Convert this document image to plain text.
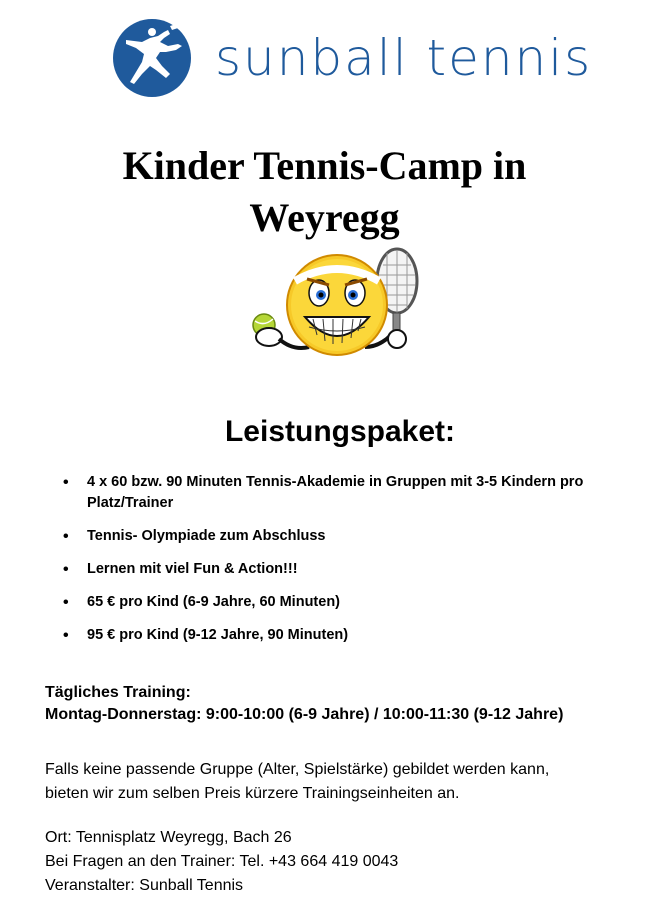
sunball tennis
Kinder Tennis-Camp in
Weyregg
Leistungspaket:
• 4 x 60 bzw. 90 Minuten Tennis-Akademie in Gruppen mit 3-5 Kindern pro Platz/Trainer
• Tennis- Olympiade zum Abschluss
• Lernen mit viel Fun & Action!!!
• 65 € pro Kind (6-9 Jahre, 60 Minuten)
• 95 € pro Kind (9-12 Jahre, 90 Minuten)
Tägliches Training:
Montag-Donnerstag: 9:00-10:00 (6-9 Jahre) / 10:00-11:30 (9-12 Jahre)
Falls keine passende Gruppe (Alter, Spielstärke) gebildet werden kann,
bieten wir zum selben Preis kürzere Trainingseinheiten an.
Ort: Tennisplatz Weyregg, Bach 26
Bei Fragen an den Trainer: Tel. +43 664 419 0043
Veranstalter: Sunball Tennis
